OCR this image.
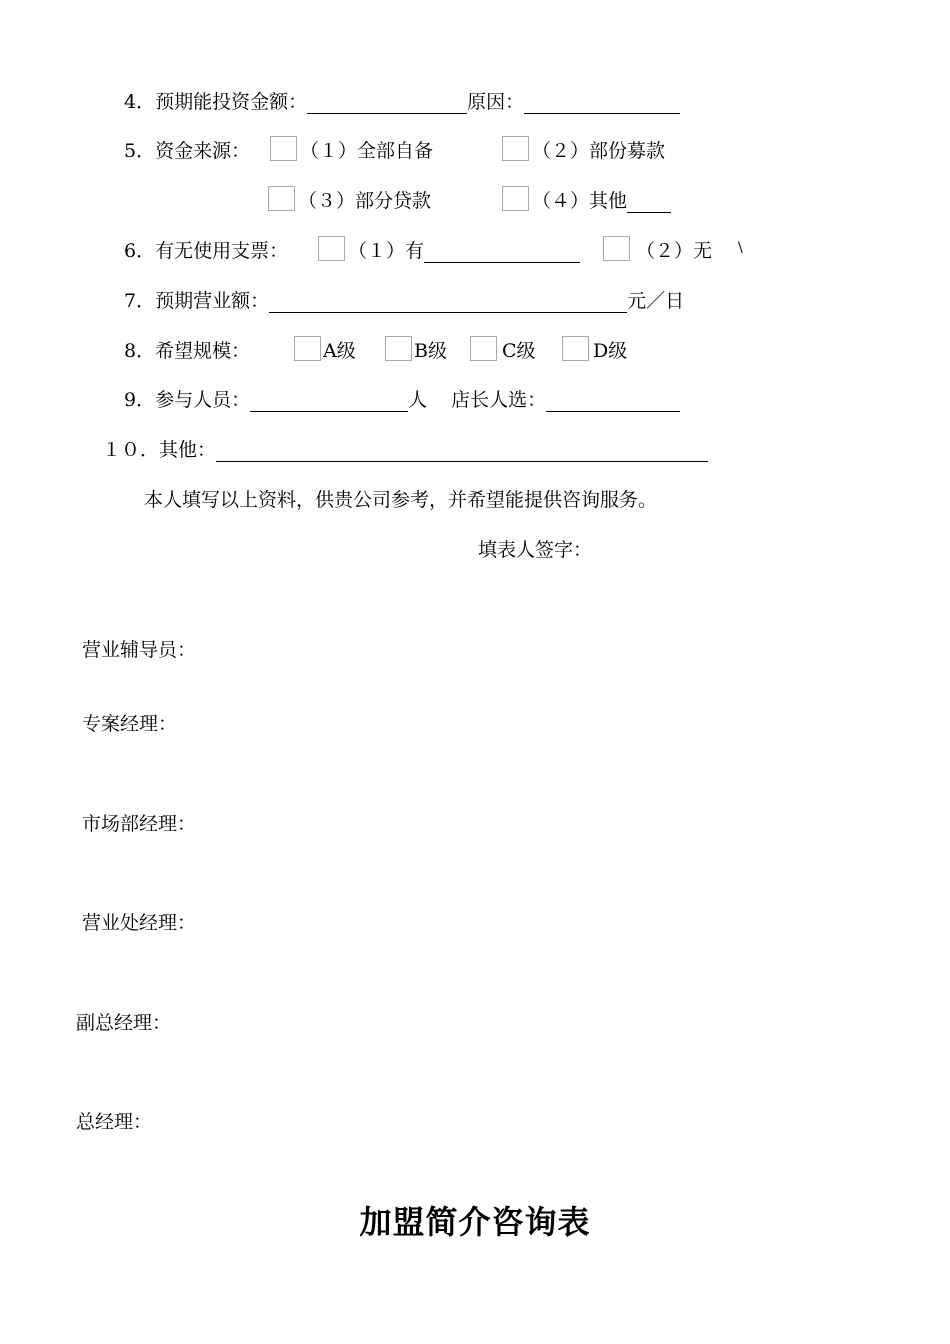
4．预期能投资金额：	原因：
5．资金来源：	（１）全部自备	（２）部份募款
（３）部分贷款	（４）其他
6．有无使用支票：	（１）有	（２）无 \
7．预期营业额：	元／日
8．希望规模：	A级	B级	C级	D级
9．参与人员：	人 店长人选：
１０．其他：
本人填写以上资料，供贵公司参考，并希望能提供咨询服务。
填表人签字：
营业辅导员：
专案经理：
市场部经理：
营业处经理：
副总经理：
总经理：
加盟简介咨询表
